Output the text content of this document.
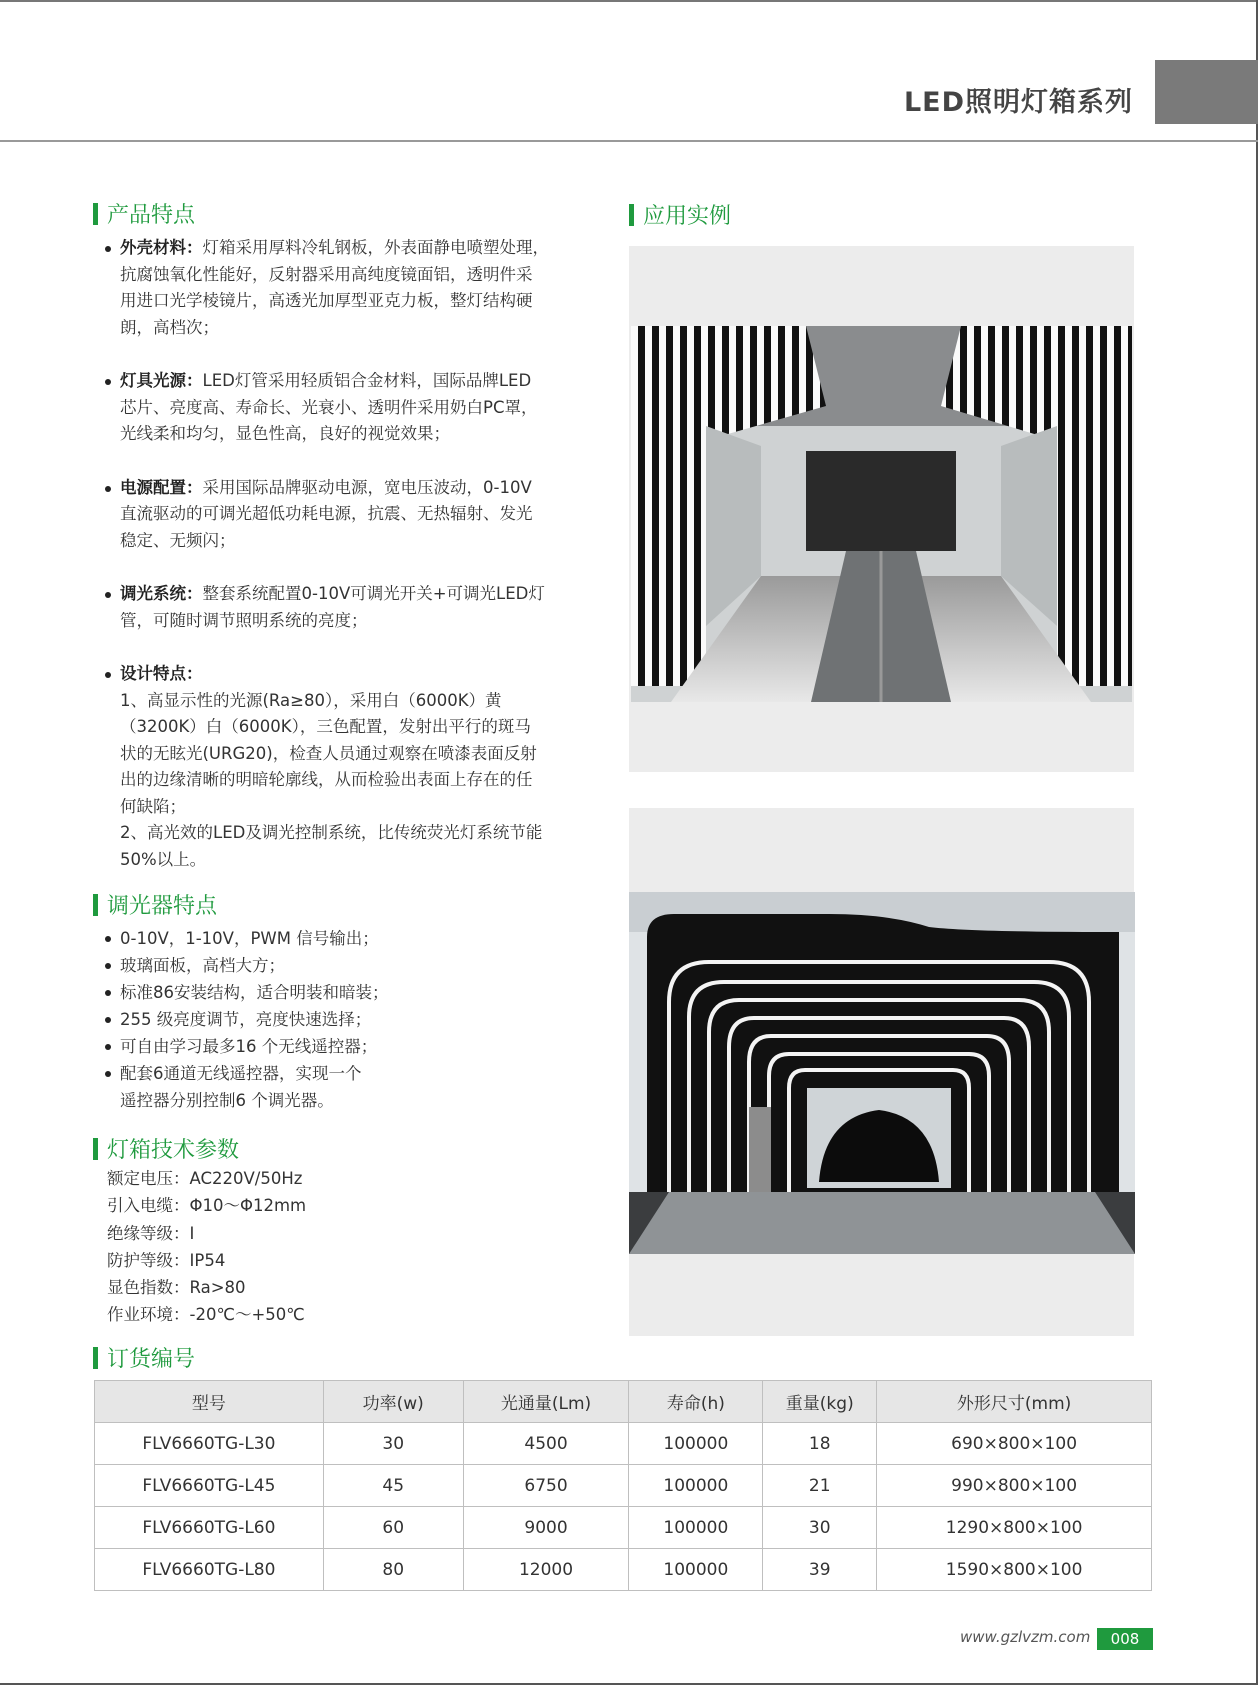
LED照明灯箱系列
产品特点
外壳材料：灯箱采用厚料冷轧钢板，外表面静电喷塑处理，
抗腐蚀氧化性能好，反射器采用高纯度镜面铝，透明件采
用进口光学棱镜片，高透光加厚型亚克力板，整灯结构硬
朗，高档次；
灯具光源：LED灯管采用轻质铝合金材料，国际品牌LED
芯片、亮度高、寿命长、光衰小、透明件采用奶白PC罩，
光线柔和均匀，显色性高，良好的视觉效果；
电源配置：采用国际品牌驱动电源，宽电压波动，0-10V
直流驱动的可调光超低功耗电源，抗震、无热辐射、发光
稳定、无频闪；
调光系统：整套系统配置0-10V可调光开关+可调光LED灯
管，可随时调节照明系统的亮度；
设计特点：
1、高显示性的光源(Ra≥80），采用白（6000K）黄
（3200K）白（6000K），三色配置，发射出平行的斑马
状的无眩光(URG20)，检查人员通过观察在喷漆表面反射
出的边缘清晰的明暗轮廓线，从而检验出表面上存在的任
何缺陷；
2、高光效的LED及调光控制系统，比传统荧光灯系统节能
50%以上。
调光器特点
0-10V，1-10V，PWM 信号输出；
玻璃面板，高档大方；
标准86安装结构，适合明装和暗装；
255 级亮度调节，亮度快速选择；
可自由学习最多16 个无线遥控器；
配套6通道无线遥控器，实现一个
遥控器分别控制6 个调光器。
灯箱技术参数
额定电压：AC220V/50Hz
引入电缆：Φ10～Φ12mm
绝缘等级：I
防护等级：IP54
显色指数：Ra>80
作业环境：-20℃～+50℃
应用实例
订货编号
型号	功率(w)	光通量(Lm)	寿命(h)	重量(kg)	外形尺寸(mm)
FLV6660TG-L30	30	4500	100000	18	690×800×100
FLV6660TG-L45	45	6750	100000	21	990×800×100
FLV6660TG-L60	60	9000	100000	30	1290×800×100
FLV6660TG-L80	80	12000	100000	39	1590×800×100
www.gzlvzm.com	008
